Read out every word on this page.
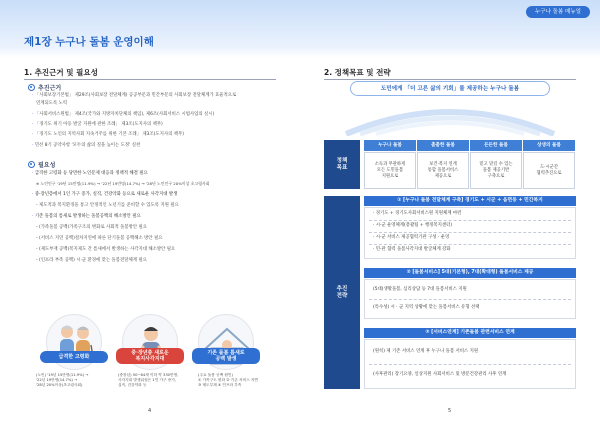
제1장 누구나 돌봄 운영이해
1. 추진근거 및 필요성
추진근거
· 「사회보장기본법」 제29조(사회보장 전달체계) 공공부문과 민간부문의 사회보장 전달체계가 효율적으로
연계되도록 노력
· 「사회서비스원법」 제4조(국가와 지방자치단체의 책임), 제6조(사회서비스 시범사업의 실시)
· 「경기도 위기 아동 발굴 지원에 관한 조례」 제3조(도지사의 책무)
· 「경기도 노인의 지역사회 지속거주를 위한 기본 조례」 제3조(도지사의 책무)
· 민선 8기 공약사항 '모두의 삶의 질을 높이는 도정' 실천
필요성
· 급격한 고령화 등 당면한 노인문제 대응과 정책적 해결 필요
※ 노인인구 '19년 15만명(11.9%) → '22년 19만명(14.7%) → '28년 노인인구 20%이상 초고령사회
· 중·장년층에서 1인 가구 증가, 실직, 건강악화 등으로 새로운 사각지대 발생
- 제도적과 복지환경을 통고 안정적인 노년기를 준비할 수 있도록 지원 필요
· 기존 돌봄의 틈새로 발생하는 돌봄공백의 해소방안 필요
- (가족돌봄 공백)가족구조의 변화로 사회적 돌봄방안 필요
- (서비스 지연 공백)절차지연에 따른 단기돌봄 공백해소 방안 필요
- (제도부재 공백)복지제도 간 틈새에서 발생하는 사각지대 해소방안 필요
- (인프라 부족 공백) 시·군 환경에 맞는 돌봄전달체계 필요
급격한 고령화
(노인) '19년 15만명(11.9%) →
'22년 19만명(14.7%) →
'28년 20%이상(초고령사회)
중·장년층 새로운
복지사각지대
(중장년) 50~64세 이하 약 330만명,
사각지대 발생위험은 1인 가구 증가,
실직, 건강악화 등
기존 돌봄 틈새로
공백 발생
(주요 돌봄 공백 원인)
① 가족구도 변화 ② 기존 서비스 지연
③ 제도부재 ④ 인프라 부족
4
누구나 돌봄 매뉴얼
2. 정책목표 및 전략
도민에게 「더 고른 삶의 기회」를 제공하는 누구나 돌봄
정책
목표
누구나 돌봄
소득과 무관하게
모든 도민돌봄
지원으로
촘촘한 돌봄
보건·복지 연계
통합 돌봄서비스
제공으로
든든한 돌봄
믿고 맡길 수 있는
돌봄 제공기반
구축으로
상생의 돌봄
도·시군간
협력추진으로
추진
전략
① [누구나 돌봄 전달체계 구축] 경기도 + 시군 + 읍면동 + 민간복지
· 경기도 + 경기도사회서비스원 지원체계 마련
· 시·군 운영체계(총괄팀 + 행정복지센터)
· 시·군 서비스 제공협력기관 구성 · 운영
· 민·관 협력 돌봄사각지대 발굴체계 강화
② [돌봄서비스] 5대(기본형), 7대(확대형) 돌봄서비스 제공
(5대)생활돌봄, 심리상담 등 7대 돌봄서비스 지원
(특수성) 시 · 군 지역 상황에 맞는 돌봄서비스 유형 선택
③ [서비스연계] 기존돌봄 관련서비스 연계
(원칙) 제 기존 서비스 연계 후 누구나 돌봄 서비스 지원
(사후관리) 장기요양, 일상지원 사회서비스 및 방문건강관리 사후 연계
5
